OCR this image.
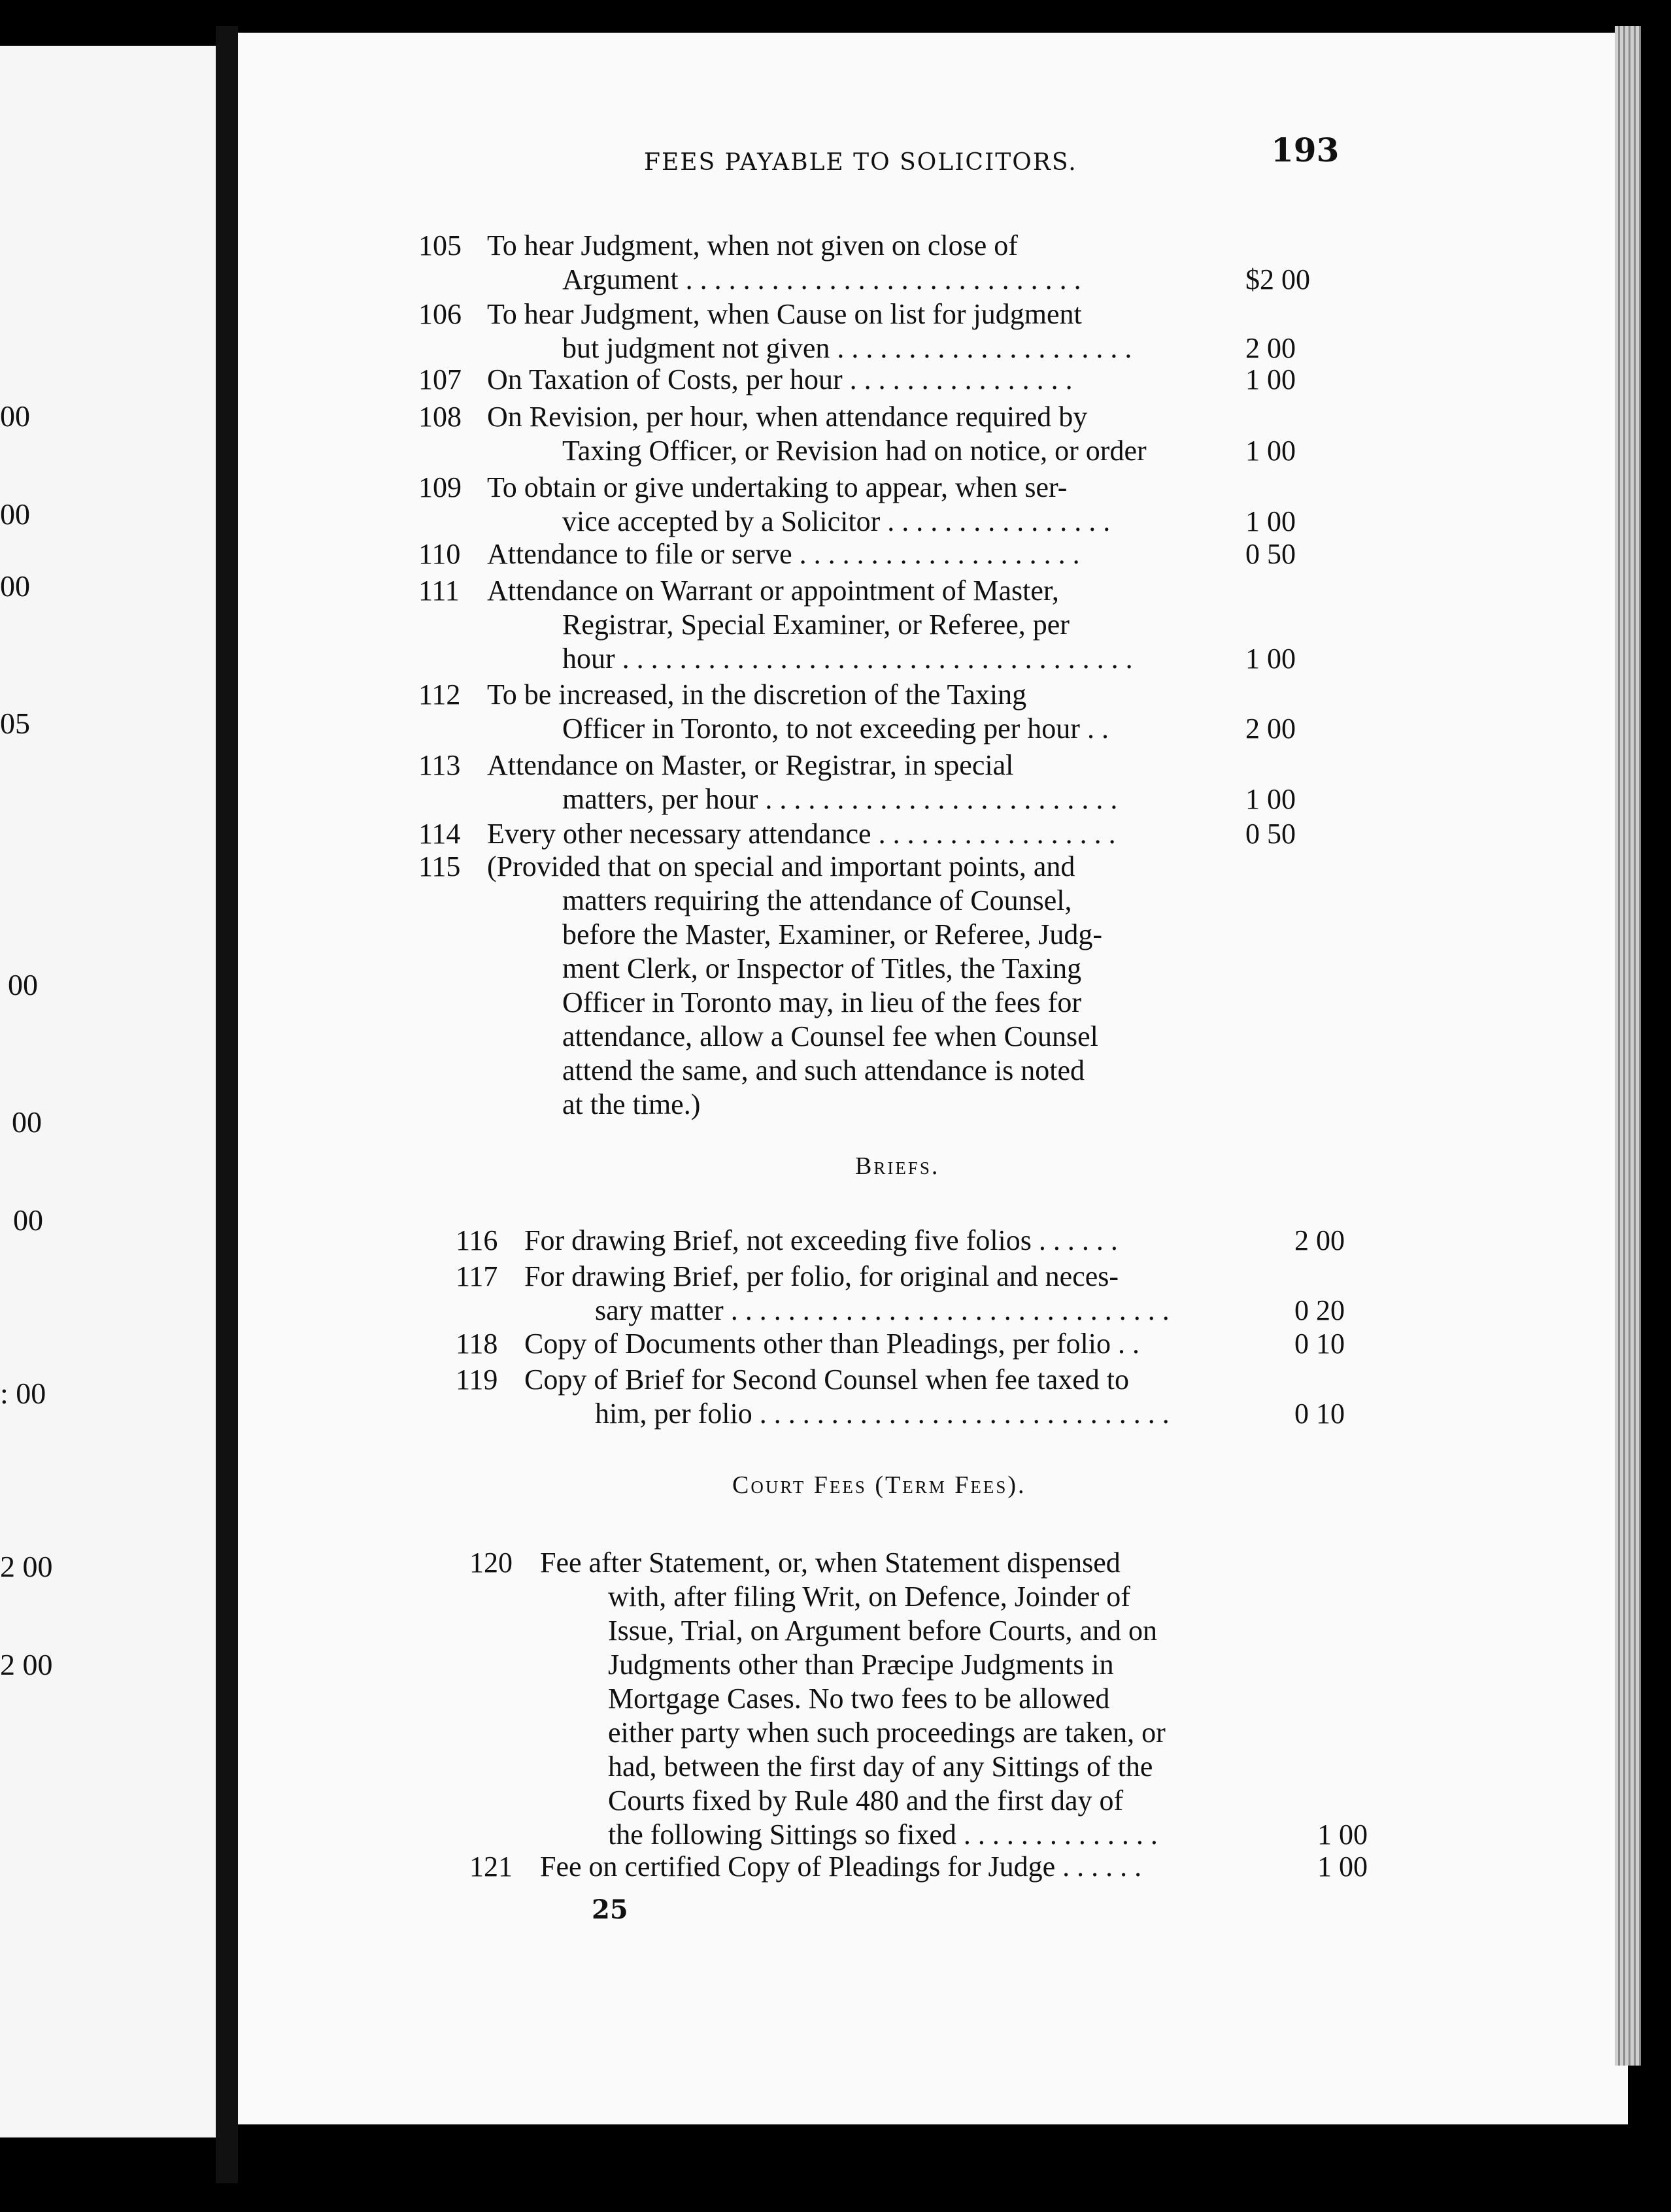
00
00
00
05
00
00
00
: 00
2 00
2 00
FEES PAYABLE TO SOLICITORS.	193
105 To hear Judgment, when not given on close of
Argument . . . . . . . . . . . . . . . . . . . . . . . . . . . .	$2 00
106 To hear Judgment, when Cause on list for judgment
but judgment not given . . . . . . . . . . . . . . . . . . . . .	2 00
107 On Taxation of Costs, per hour . . . . . . . . . . . . . . . .	1 00
108 On Revision, per hour, when attendance required by
Taxing Officer, or Revision had on notice, or order	1 00
109 To obtain or give undertaking to appear, when ser-
vice accepted by a Solicitor . . . . . . . . . . . . . . . .	1 00
110 Attendance to file or serve . . . . . . . . . . . . . . . . . . . .	0 50
111 Attendance on Warrant or appointment of Master,
Registrar, Special Examiner, or Referee, per
hour . . . . . . . . . . . . . . . . . . . . . . . . . . . . . . . . . . . .	1 00
112 To be increased, in the discretion of the Taxing
Officer in Toronto, to not exceeding per hour . .	2 00
113 Attendance on Master, or Registrar, in special
matters, per hour . . . . . . . . . . . . . . . . . . . . . . . . .	1 00
114 Every other necessary attendance . . . . . . . . . . . . . . . . .	0 50
115 (Provided that on special and important points, and
matters requiring the attendance of Counsel,
before the Master, Examiner, or Referee, Judg-
ment Clerk, or Inspector of Titles, the Taxing
Officer in Toronto may, in lieu of the fees for
attendance, allow a Counsel fee when Counsel
attend the same, and such attendance is noted
at the time.)
Briefs.
116 For drawing Brief, not exceeding five folios . . . . . .	2 00
117 For drawing Brief, per folio, for original and neces-
sary matter . . . . . . . . . . . . . . . . . . . . . . . . . . . . . . .	0 20
118 Copy of Documents other than Pleadings, per folio . .	0 10
119 Copy of Brief for Second Counsel when fee taxed to
him, per folio . . . . . . . . . . . . . . . . . . . . . . . . . . . . .	0 10
Court Fees (Term Fees).
120 Fee after Statement, or, when Statement dispensed
with, after filing Writ, on Defence, Joinder of
Issue, Trial, on Argument before Courts, and on
Judgments other than Præcipe Judgments in
Mortgage Cases. No two fees to be allowed
either party when such proceedings are taken, or
had, between the first day of any Sittings of the
Courts fixed by Rule 480 and the first day of
the following Sittings so fixed . . . . . . . . . . . . . .	1 00
121 Fee on certified Copy of Pleadings for Judge . . . . . .	1 00
25
